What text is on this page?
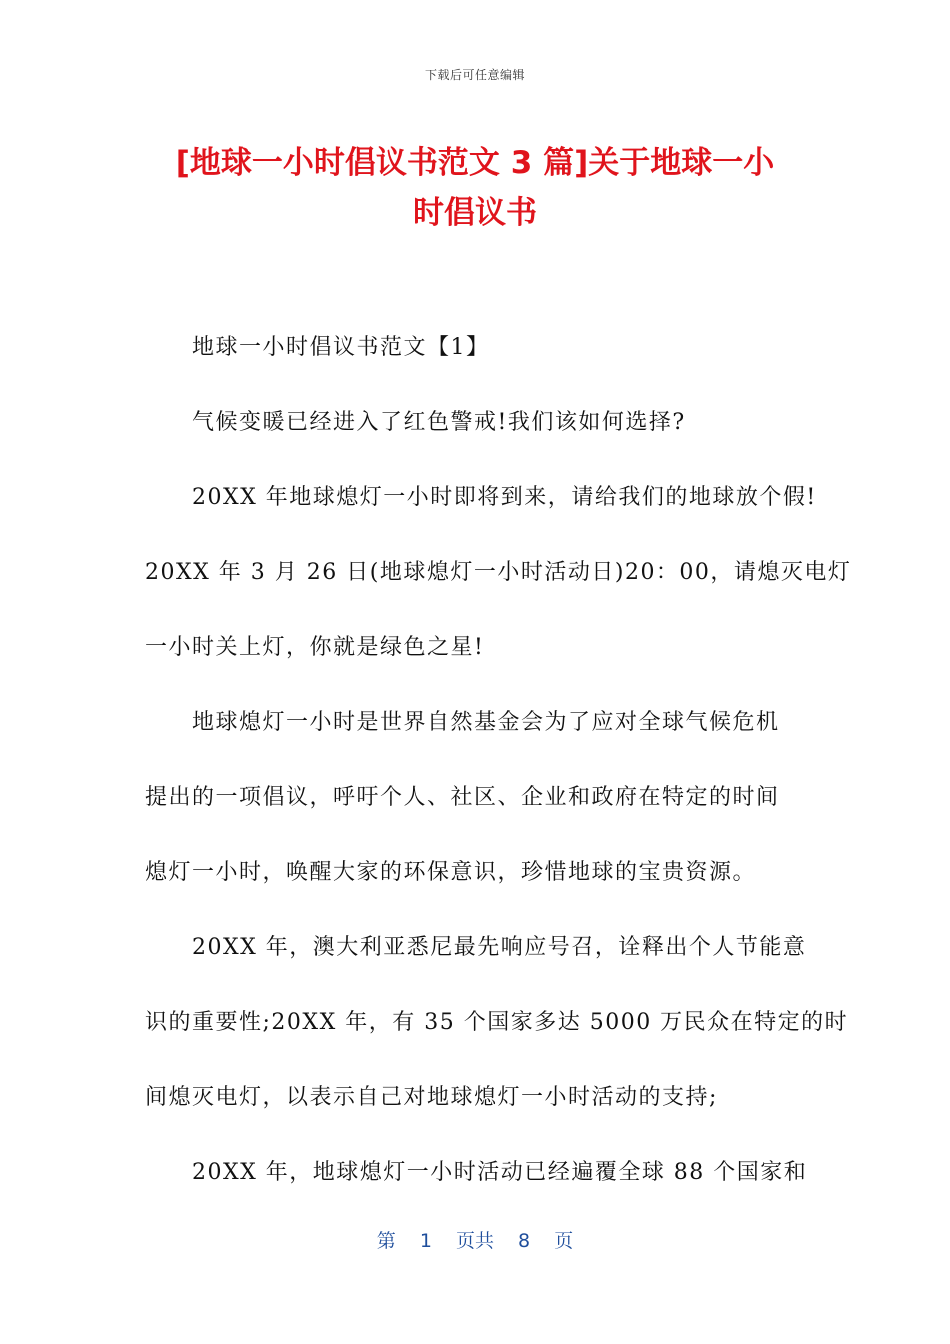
下载后可任意编辑
[地球一小时倡议书范文 3 篇]关于地球一小
时倡议书
地球一小时倡议书范文【1】
气候变暖已经进入了红色警戒!我们该如何选择?
20XX 年地球熄灯一小时即将到来，请给我们的地球放个假!
20XX 年 3 月 26 日(地球熄灯一小时活动日)20：00，请熄灭电灯
一小时关上灯，你就是绿色之星!
地球熄灯一小时是世界自然基金会为了应对全球气候危机
提出的一项倡议，呼吁个人、社区、企业和政府在特定的时间
熄灯一小时，唤醒大家的环保意识，珍惜地球的宝贵资源。
20XX 年，澳大利亚悉尼最先响应号召，诠释出个人节能意
识的重要性;20XX 年，有 35 个国家多达 5000 万民众在特定的时
间熄灭电灯，以表示自己对地球熄灯一小时活动的支持;
20XX 年，地球熄灯一小时活动已经遍覆全球 88 个国家和
第 1 页共 8 页
